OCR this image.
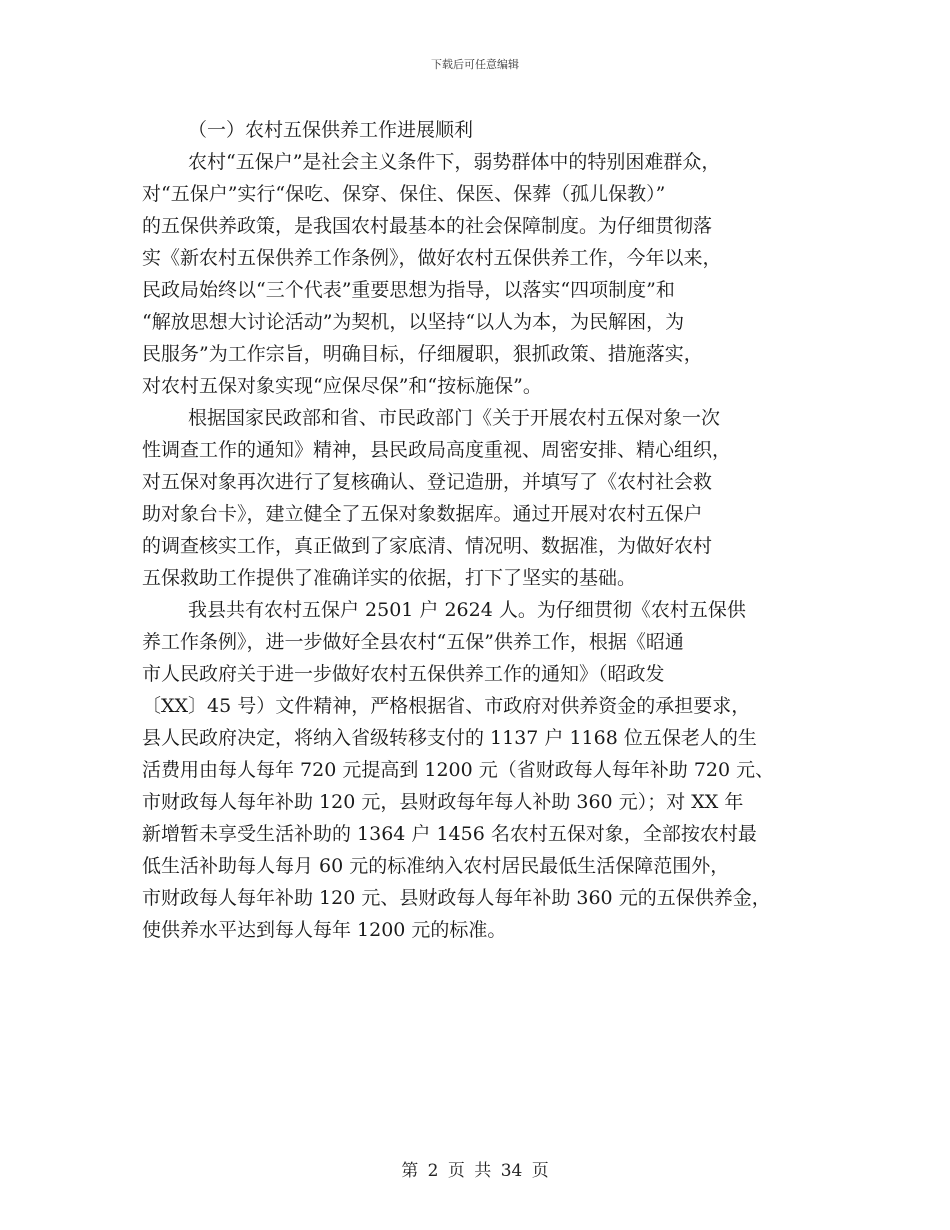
下载后可任意编辑
（一）农村五保供养工作进展顺利
农村“五保户”是社会主义条件下，弱势群体中的特别困难群众，
对“五保户”实行“保吃、保穿、保住、保医、保葬（孤儿保教）”
的五保供养政策，是我国农村最基本的社会保障制度。为仔细贯彻落
实《新农村五保供养工作条例》，做好农村五保供养工作，今年以来，
民政局始终以“三个代表”重要思想为指导，以落实“四项制度”和
“解放思想大讨论活动”为契机，以坚持“以人为本，为民解困，为
民服务”为工作宗旨，明确目标，仔细履职，狠抓政策、措施落实，
对农村五保对象实现“应保尽保”和“按标施保”。
根据国家民政部和省、市民政部门《关于开展农村五保对象一次
性调查工作的通知》精神，县民政局高度重视、周密安排、精心组织，
对五保对象再次进行了复核确认、登记造册，并填写了《农村社会救
助对象台卡》，建立健全了五保对象数据库。通过开展对农村五保户
的调查核实工作，真正做到了家底清、情况明、数据准，为做好农村
五保救助工作提供了准确详实的依据，打下了坚实的基础。
我县共有农村五保户 2501 户 2624 人。为仔细贯彻《农村五保供
养工作条例》，进一步做好全县农村“五保”供养工作，根据《昭通
市人民政府关于进一步做好农村五保供养工作的通知》（昭政发
〔XX〕45 号）文件精神，严格根据省、市政府对供养资金的承担要求，
县人民政府决定，将纳入省级转移支付的 1137 户 1168 位五保老人的生
活费用由每人每年 720 元提高到 1200 元（省财政每人每年补助 720 元、
市财政每人每年补助 120 元，县财政每年每人补助 360 元）；对 XX 年
新增暂未享受生活补助的 1364 户 1456 名农村五保对象，全部按农村最
低生活补助每人每月 60 元的标准纳入农村居民最低生活保障范围外，
市财政每人每年补助 120 元、县财政每人每年补助 360 元的五保供养金，
使供养水平达到每人每年 1200 元的标准。
第 2 页 共 34 页
